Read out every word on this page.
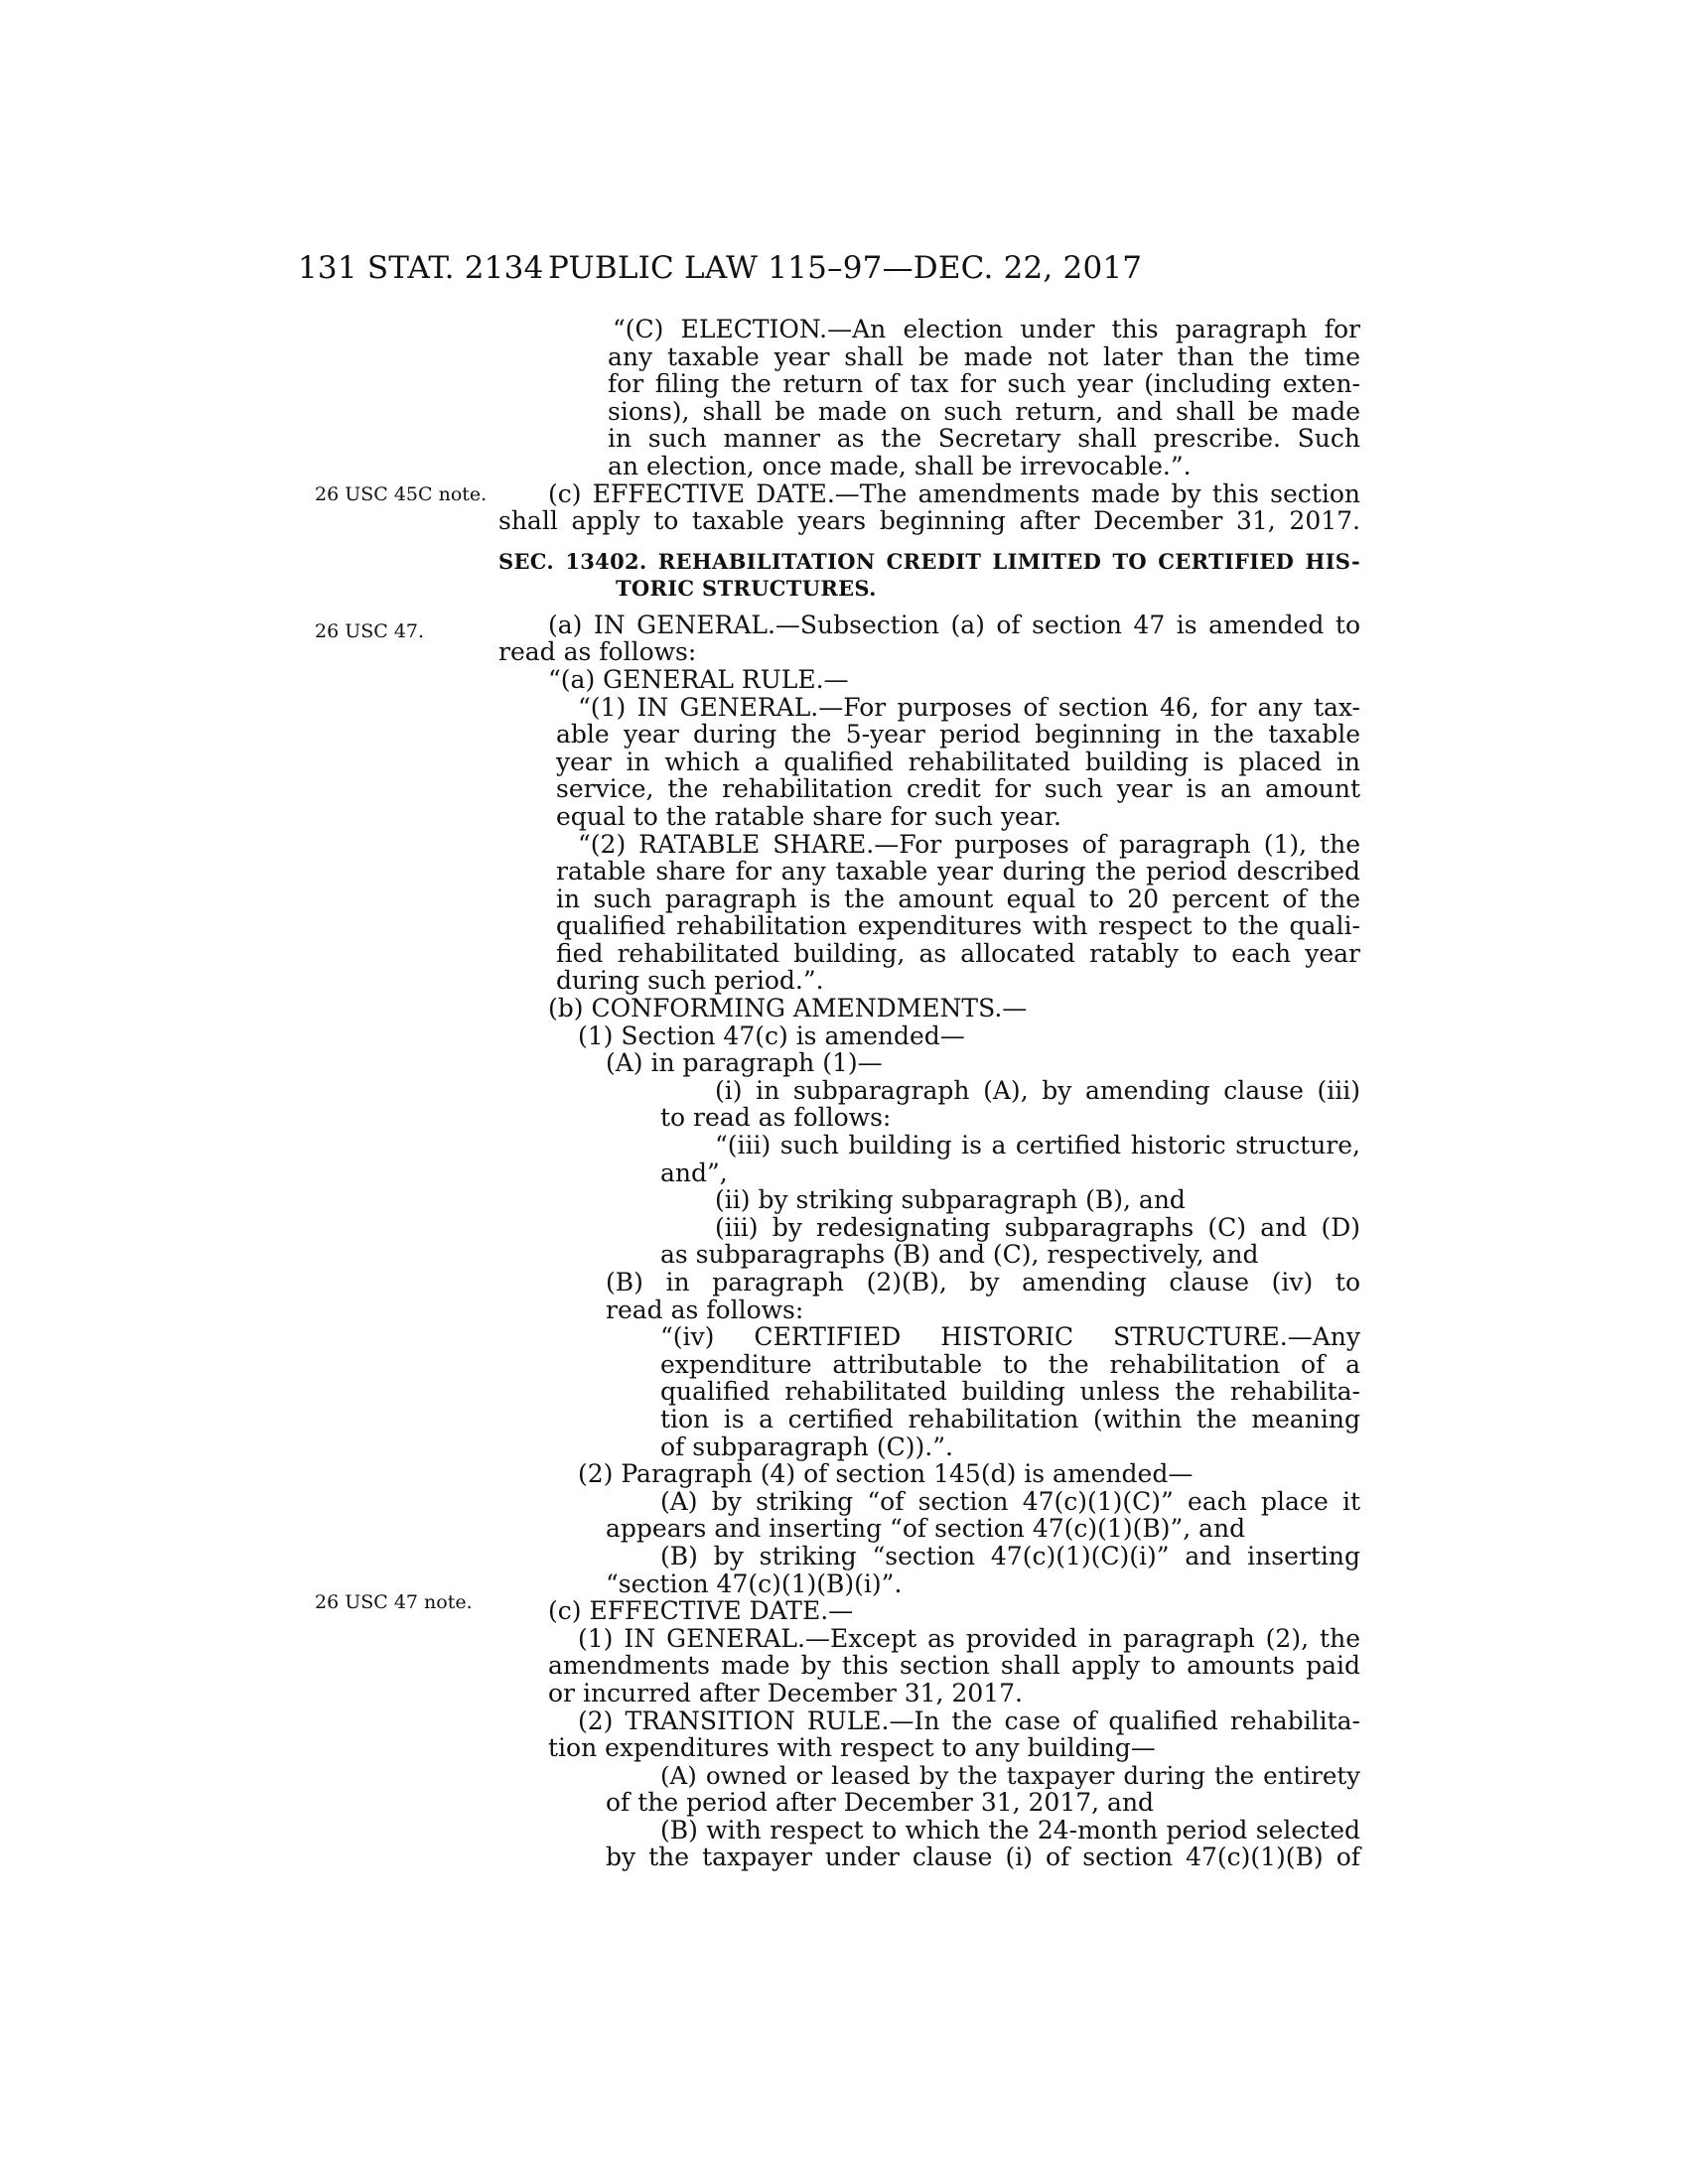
131 STAT. 2134 PUBLIC LAW 115–97—DEC. 22, 2017
26 USC 45C note.
26 USC 47.
26 USC 47 note.
“(C) ELECTION.—An election under this paragraph for
any taxable year shall be made not later than the time
for filing the return of tax for such year (including exten-
sions), shall be made on such return, and shall be made
in such manner as the Secretary shall prescribe. Such
an election, once made, shall be irrevocable.”.
(c) EFFECTIVE DATE.—The amendments made by this section
shall apply to taxable years beginning after December 31, 2017.
SEC. 13402. REHABILITATION CREDIT LIMITED TO CERTIFIED HIS-
TORIC STRUCTURES.
(a) IN GENERAL.—Subsection (a) of section 47 is amended to
read as follows:
“(a) GENERAL RULE.—
“(1) IN GENERAL.—For purposes of section 46, for any tax-
able year during the 5-year period beginning in the taxable
year in which a qualified rehabilitated building is placed in
service, the rehabilitation credit for such year is an amount
equal to the ratable share for such year.
“(2) RATABLE SHARE.—For purposes of paragraph (1), the
ratable share for any taxable year during the period described
in such paragraph is the amount equal to 20 percent of the
qualified rehabilitation expenditures with respect to the quali-
fied rehabilitated building, as allocated ratably to each year
during such period.”.
(b) CONFORMING AMENDMENTS.—
(1) Section 47(c) is amended—
(A) in paragraph (1)—
(i) in subparagraph (A), by amending clause (iii)
to read as follows:
“(iii) such building is a certified historic structure,
and”,
(ii) by striking subparagraph (B), and
(iii) by redesignating subparagraphs (C) and (D)
as subparagraphs (B) and (C), respectively, and
(B) in paragraph (2)(B), by amending clause (iv) to
read as follows:
“(iv) CERTIFIED HISTORIC STRUCTURE.—Any
expenditure attributable to the rehabilitation of a
qualified rehabilitated building unless the rehabilita-
tion is a certified rehabilitation (within the meaning
of subparagraph (C)).”.
(2) Paragraph (4) of section 145(d) is amended—
(A) by striking “of section 47(c)(1)(C)” each place it
appears and inserting “of section 47(c)(1)(B)”, and
(B) by striking “section 47(c)(1)(C)(i)” and inserting
“section 47(c)(1)(B)(i)”.
(c) EFFECTIVE DATE.—
(1) IN GENERAL.—Except as provided in paragraph (2), the
amendments made by this section shall apply to amounts paid
or incurred after December 31, 2017.
(2) TRANSITION RULE.—In the case of qualified rehabilita-
tion expenditures with respect to any building—
(A) owned or leased by the taxpayer during the entirety
of the period after December 31, 2017, and
(B) with respect to which the 24-month period selected
by the taxpayer under clause (i) of section 47(c)(1)(B) of
